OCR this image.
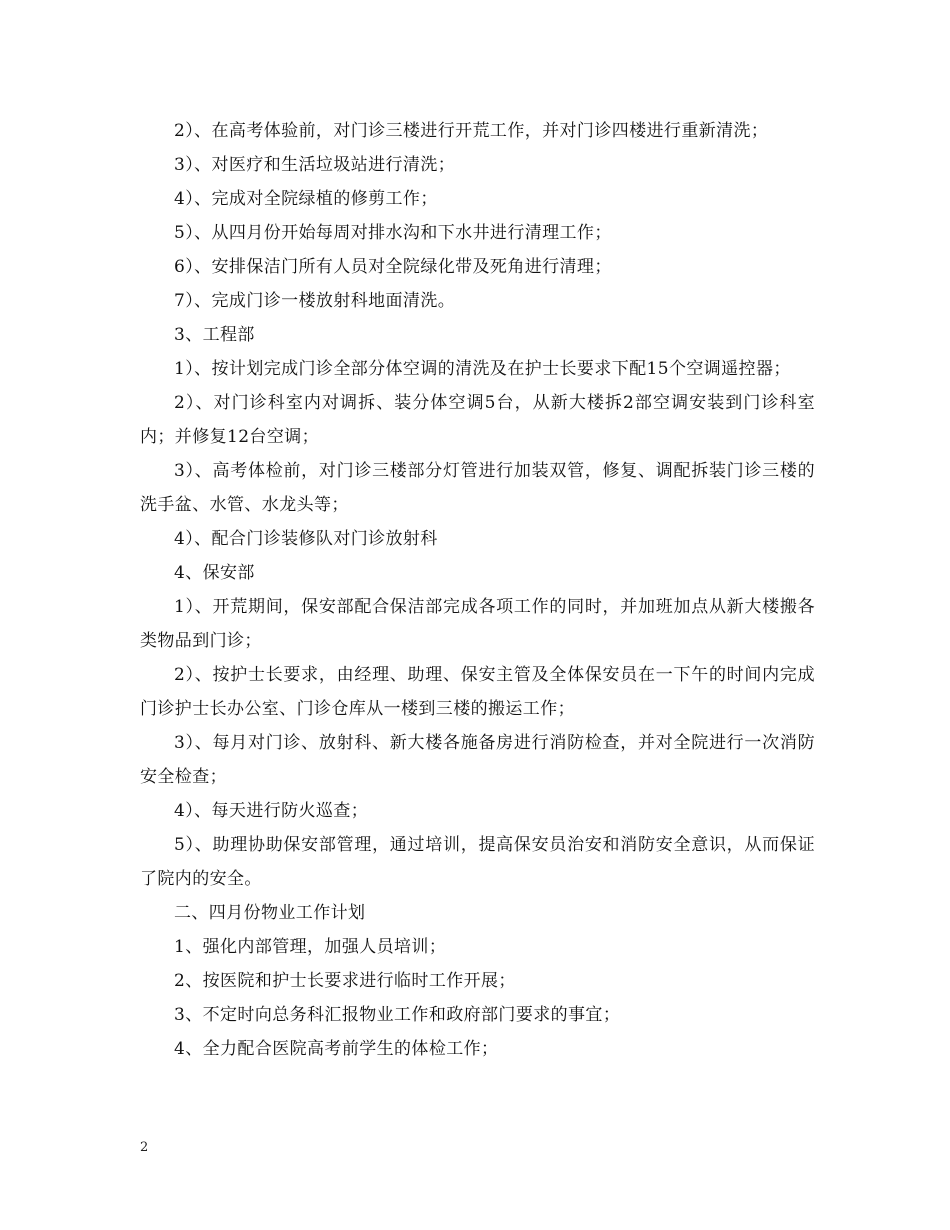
2）、在高考体验前，对门诊三楼进行开荒工作，并对门诊四楼进行重新清洗；

3）、对医疗和生活垃圾站进行清洗；

4）、完成对全院绿植的修剪工作；

5）、从四月份开始每周对排水沟和下水井进行清理工作；

6）、安排保洁门所有人员对全院绿化带及死角进行清理；

7）、完成门诊一楼放射科地面清洗。

3、工程部

1）、按计划完成门诊全部分体空调的清洗及在护士长要求下配15个空调遥控器；

2）、对门诊科室内对调拆、装分体空调5台，从新大楼拆2部空调安装到门诊科室内；并修复12台空调；

3）、高考体检前，对门诊三楼部分灯管进行加装双管，修复、调配拆装门诊三楼的洗手盆、水管、水龙头等；

4）、配合门诊装修队对门诊放射科

4、保安部

1）、开荒期间，保安部配合保洁部完成各项工作的同时，并加班加点从新大楼搬各类物品到门诊；

2）、按护士长要求，由经理、助理、保安主管及全体保安员在一下午的时间内完成门诊护士长办公室、门诊仓库从一楼到三楼的搬运工作；

3）、每月对门诊、放射科、新大楼各施备房进行消防检查，并对全院进行一次消防安全检查；

4）、每天进行防火巡查；

5）、助理协助保安部管理，通过培训，提高保安员治安和消防安全意识，从而保证了院内的安全。

二、四月份物业工作计划

1、强化内部管理，加强人员培训；

2、按医院和护士长要求进行临时工作开展；

3、不定时向总务科汇报物业工作和政府部门要求的事宜；

4、全力配合医院高考前学生的体检工作；

2
